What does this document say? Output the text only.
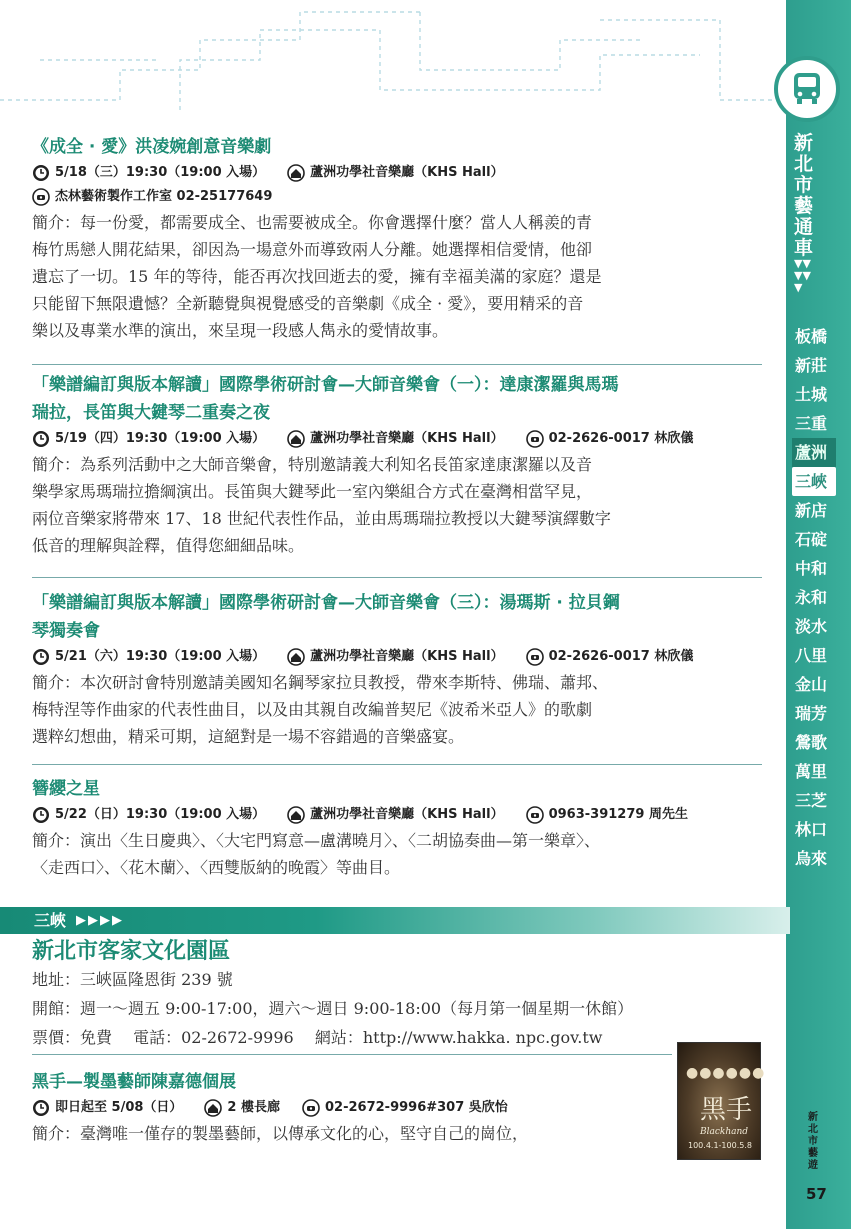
新北市藝通車
▼▼
▼▼
▼
板橋
新莊
土城
三重
蘆洲
三峽
新店
石碇
中和
永和
淡水
八里
金山
瑞芳
鶯歌
萬里
三芝
林口
烏來
新北市藝遊
57
《成全 · 愛》洪凌婉創意音樂劇
5/18（三）19:30（19:00 入場）	蘆洲功學社音樂廳（KHS Hall）
杰林藝術製作工作室 02-25177649
簡介：每一份愛，都需要成全、也需要被成全。你會選擇什麼？當人人稱羨的青
梅竹馬戀人開花結果，卻因為一場意外而導致兩人分離。她選擇相信愛情，他卻
遺忘了一切。15 年的等待，能否再次找回逝去的愛，擁有幸福美滿的家庭？還是
只能留下無限遺憾？全新聽覺與視覺感受的音樂劇《成全 · 愛》，要用精采的音
樂以及專業水準的演出，來呈現一段感人雋永的愛情故事。
「樂譜編訂與版本解讀」國際學術研討會—大師音樂會（一）：達康潔羅與馬瑪
瑞拉，長笛與大鍵琴二重奏之夜
5/19（四）19:30（19:00 入場）	蘆洲功學社音樂廳（KHS Hall）	02-2626-0017 林欣儀
簡介：為系列活動中之大師音樂會，特別邀請義大利知名長笛家達康潔羅以及音
樂學家馬瑪瑞拉擔綱演出。長笛與大鍵琴此一室內樂組合方式在臺灣相當罕見，
兩位音樂家將帶來 17、18 世紀代表性作品，並由馬瑪瑞拉教授以大鍵琴演繹數字
低音的理解與詮釋，值得您細細品味。
「樂譜編訂與版本解讀」國際學術研討會—大師音樂會（三）：湯瑪斯 · 拉貝鋼
琴獨奏會
5/21（六）19:30（19:00 入場）	蘆洲功學社音樂廳（KHS Hall）	02-2626-0017 林欣儀
簡介：本次研討會特別邀請美國知名鋼琴家拉貝教授，帶來李斯特、佛瑞、蕭邦、
梅特涅等作曲家的代表性曲目，以及由其親自改編普契尼《波希米亞人》的歌劇
選粹幻想曲，精采可期，這絕對是一場不容錯過的音樂盛宴。
簪纓之星
5/22（日）19:30（19:00 入場）	蘆洲功學社音樂廳（KHS Hall）	0963-391279 周先生
簡介：演出〈生日慶典〉、〈大宅門寫意—盧溝曉月〉、〈二胡協奏曲—第一樂章〉、
〈走西口〉、〈花木蘭〉、〈西雙版納的晚霞〉等曲目。
黑手—製墨藝師陳嘉德個展
即日起至 5/08（日）	2 樓長廊	02-2672-9996#307 吳欣怡
簡介：臺灣唯一僅存的製墨藝師，以傳承文化的心，堅守自己的崗位，
三峽 ▶▶▶▶
新北市客家文化園區
地址：三峽區隆恩街 239 號
開館：週一～週五 9:00-17:00，週六～週日 9:00-18:00（每月第一個星期一休館）
票價：免費 電話：02-2672-9996 網站：http://www.hakka. npc.gov.tw
●●●●●●
黑手
Blackhand
100.4.1-100.5.8
